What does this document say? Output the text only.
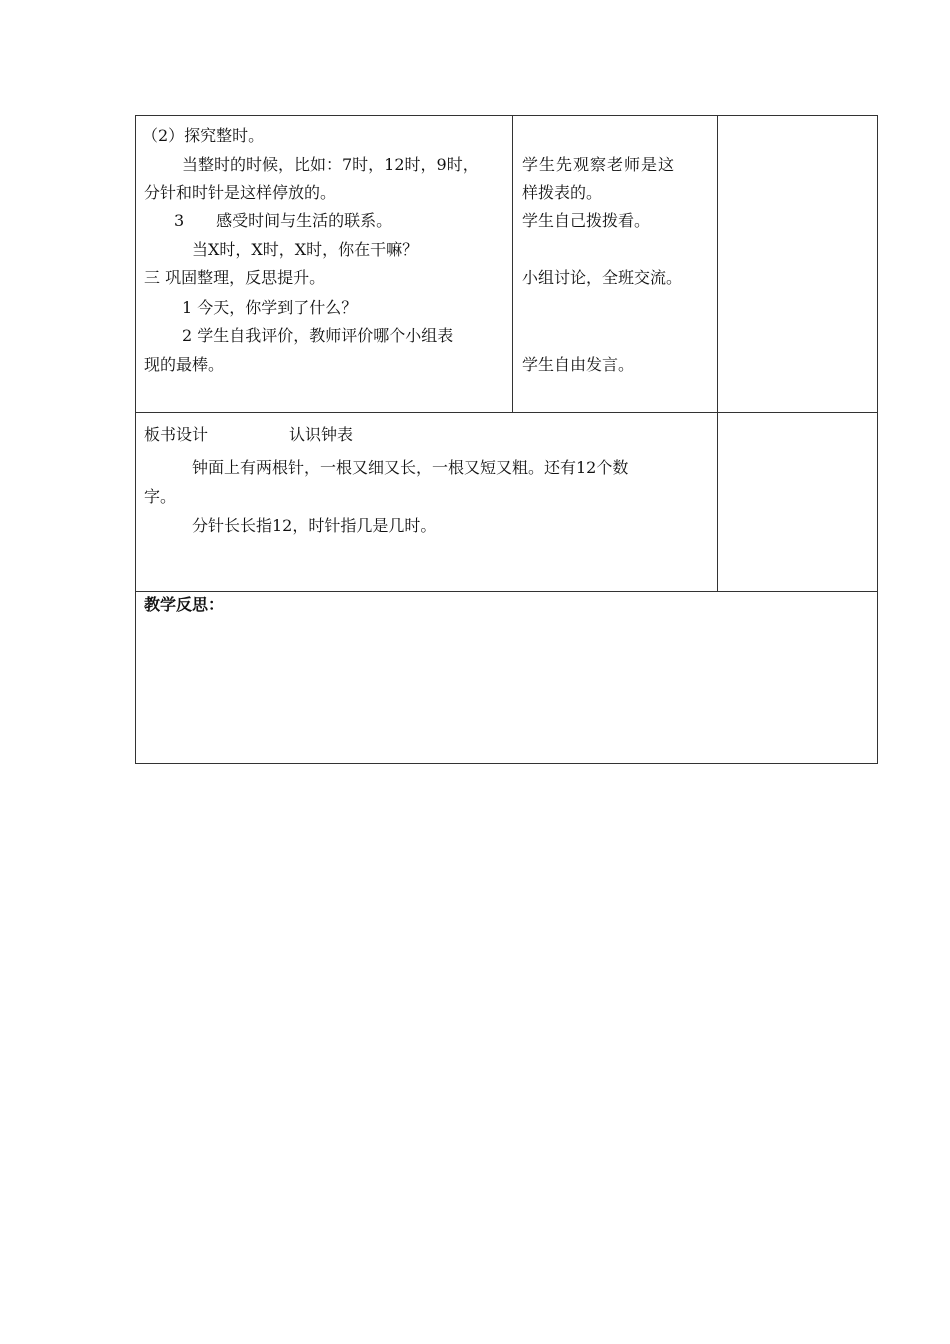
（2）探究整时。
当整时的时候，比如：7时，12时，9时，
分针和时针是这样停放的。
3　　感受时间与生活的联系。
当X时，X时，X时，你在干嘛？
三 巩固整理，反思提升。
1 今天，你学到了什么？
2 学生自我评价，教师评价哪个小组表
现的最棒。
学生先观察老师是这
样拨表的。
学生自己拨拨看。
小组讨论，全班交流。
学生自由发言。
板书设计	认识钟表
钟面上有两根针，一根又细又长，一根又短又粗。还有12个数
字。
分针长长指12，时针指几是几时。
教学反思：
